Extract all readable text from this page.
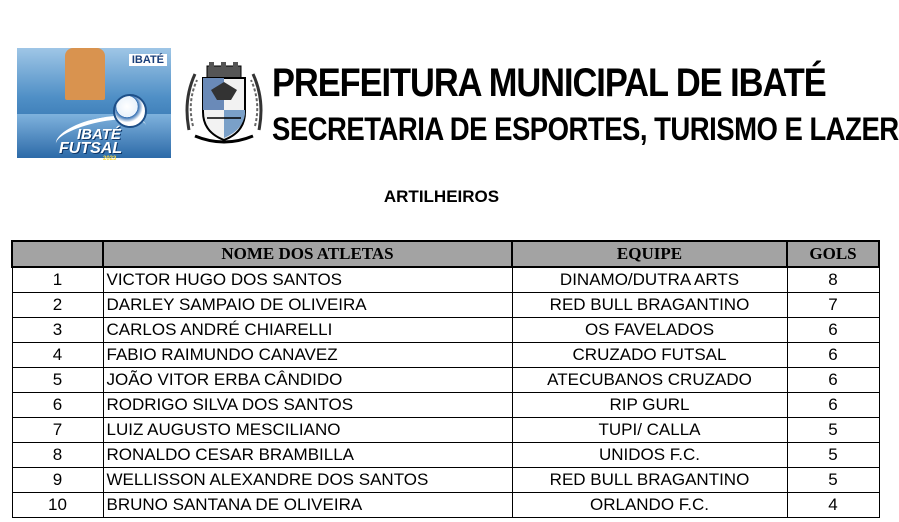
IBATÉ
IBATÉ
FUTSAL
2023
PREFEITURA MUNICIPAL DE IBATÉ
SECRETARIA DE ESPORTES, TURISMO E LAZER
ARTILHEIROS
	NOME DOS ATLETAS	EQUIPE	GOLS
1	VICTOR HUGO DOS SANTOS	DINAMO/DUTRA ARTS	8
2	DARLEY SAMPAIO DE OLIVEIRA	RED BULL BRAGANTINO	7
3	CARLOS ANDRÉ CHIARELLI	OS FAVELADOS	6
4	FABIO RAIMUNDO CANAVEZ	CRUZADO FUTSAL	6
5	JOÃO VITOR ERBA CÂNDIDO	ATECUBANOS CRUZADO	6
6	RODRIGO SILVA DOS SANTOS	RIP GURL	6
7	LUIZ AUGUSTO MESCILIANO	TUPI/ CALLA	5
8	RONALDO CESAR BRAMBILLA	UNIDOS F.C.	5
9	WELLISSON ALEXANDRE DOS SANTOS	RED BULL BRAGANTINO	5
10	BRUNO SANTANA DE OLIVEIRA	ORLANDO F.C.	4
